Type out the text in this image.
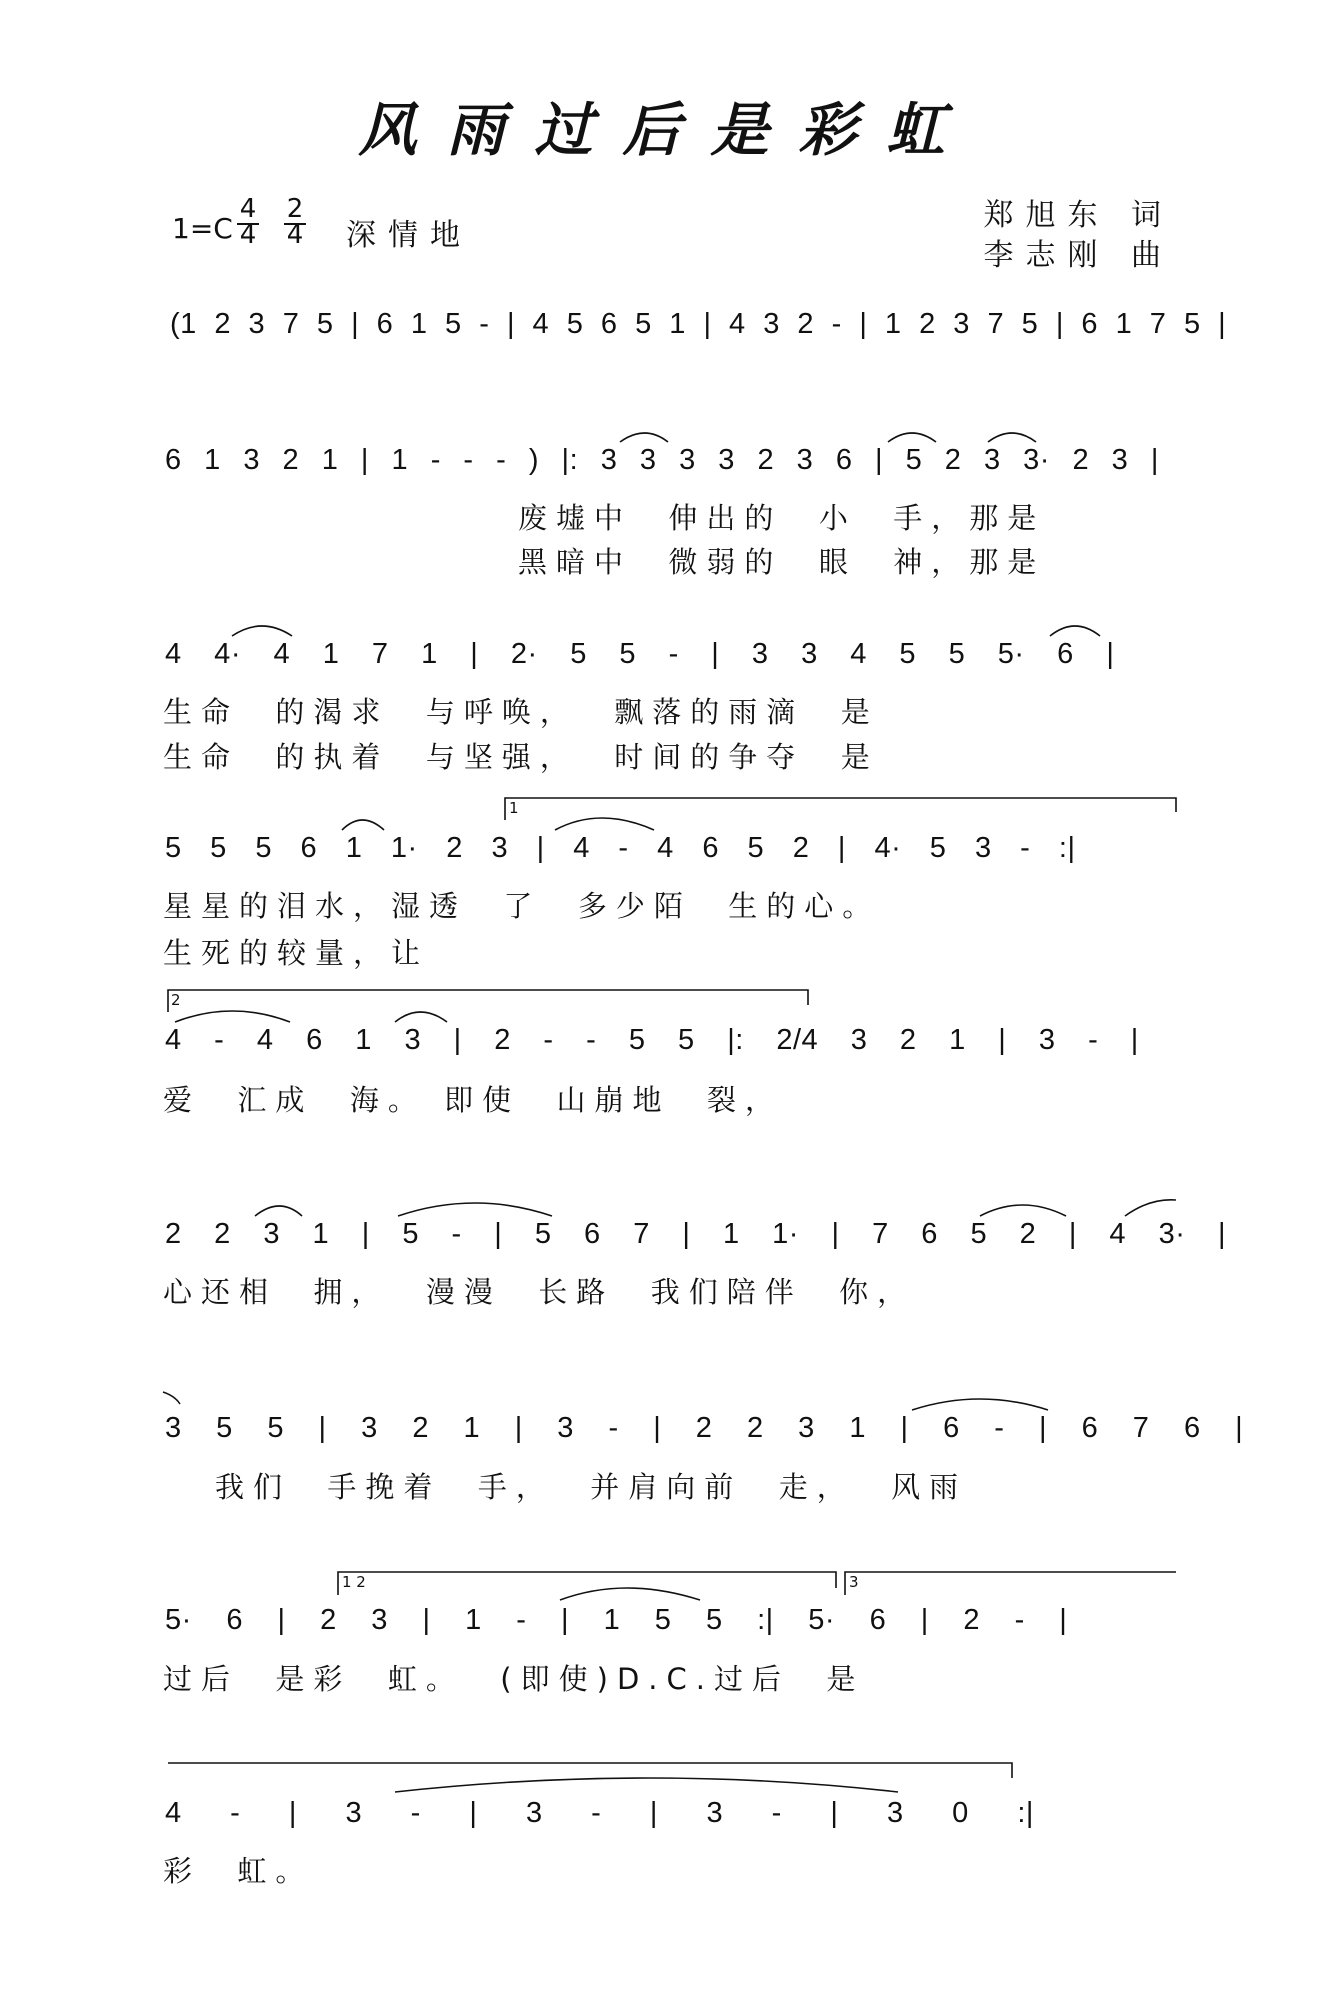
风雨过后是彩虹
1=C
4
4
2
4 深情地
郑旭东 词
李志刚 曲
(1 2 3 7 5 | 6 1 5 - | 4 5 6 5 1 | 4 3 2 - | 1 2 3 7 5 | 6 1 7 5 |
6 1 3 2 1 | 1 - - - ) |: 3 3 3 3 2 3 6 | 5 2 3 3· 2 3 |
废墟中  伸出的  小  手，那是
黑暗中  微弱的  眼  神，那是
4 4· 4 1 7 1 | 2· 5 5 - | 3 3 4 5 5 5· 6 |
生命  的渴求  与呼唤，  飘落的雨滴  是
生命  的执着  与坚强，  时间的争夺  是
5 5 5 6 1 1· 2 3 | 4 - 4 6 5 2 | 4· 5 3 - :|
星星的泪水，湿透  了  多少陌  生的心。
生死的较量，让
4 - 4 6 1 3 | 2 - - 5 5 |: 2/4 3 2 1 | 3 - |
爱  汇成  海。 即使  山崩地  裂，
2 2 3 1 | 5 - | 5 6 7 | 1 1· | 7 6 5 2 | 4 3· |
心还相  拥，  漫漫  长路  我们陪伴  你，
3 5 5 | 3 2 1 | 3 - | 2 2 3 1 | 6 - | 6 7 6 |
我们  手挽着  手，  并肩向前  走，  风雨
5· 6 | 2 3 | 1 - | 1 5 5 :| 5· 6 | 2 - |
过后  是彩  虹。  (即使)D.C.过后  是
4 - | 3 - | 3 - | 3 - | 3 0 :|
彩  虹。
1
2
1 2	3
